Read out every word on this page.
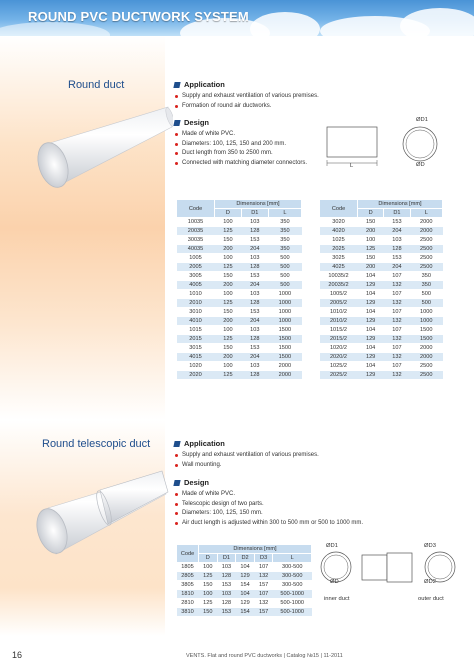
ROUND PVC DUCTWORK SYSTEM
Round duct	Application
Supply and exhaust ventilation of various premises.
Formation of round air ductworks.
Design
Made of white PVC.
Diameters: 100, 125, 150 and 200 mm.
Duct length from 350 to 2500 mm.
Connected with matching diameter connectors.
ØD1
ØD
L
Code	Dimensions [mm]		
	D	D1	L
10035	100	103	350
20035	125	128	350
30035	150	153	350
40035	200	204	350
1005	100	103	500
2005	125	128	500
3005	150	153	500
4005	200	204	500
1010	100	103	1000
2010	125	128	1000
3010	150	153	1000
4010	200	204	1000
1015	100	103	1500
2015	125	128	1500
3015	150	153	1500
4015	200	204	1500
1020	100	103	2000
2020	125	128	2000
Code	Dimensions [mm]		
	D	D1	L
3020	150	153	2000
4020	200	204	2000
1025	100	103	2500
2025	125	128	2500
3025	150	153	2500
4025	200	204	2500
10035/2	104	107	350
20035/2	129	132	350
1005/2	104	107	500
2005/2	129	132	500
1010/2	104	107	1000
2010/2	129	132	1000
1015/2	104	107	1500
2015/2	129	132	1500
1020/2	104	107	2000
2020/2	129	132	2000
1025/2	104	107	2500
2025/2	129	132	2500
Round telescopic duct	Application
Supply and exhaust ventilation of various premises.
Wall mounting.
Design
Made of white PVC.
Telescopic design of two parts.
Diameters: 100, 125, 150 mm.
Air duct length is adjusted within 300 to 500 mm or 500 to 1000 mm.
Code	Dimensions [mm]				
	D	D1	D2	D3	L
1805	100	103	104	107	300-500
2805	125	128	129	132	300-500
3805	150	153	154	157	300-500
1810	100	103	104	107	500-1000
2810	125	128	129	132	500-1000
3810	150	153	154	157	500-1000
ØD1
ØD
ØD3
ØD2
inner duct	outer duct
16	VENTS. Flat and round PVC ductworks | Catalog №15 | 11-2011
